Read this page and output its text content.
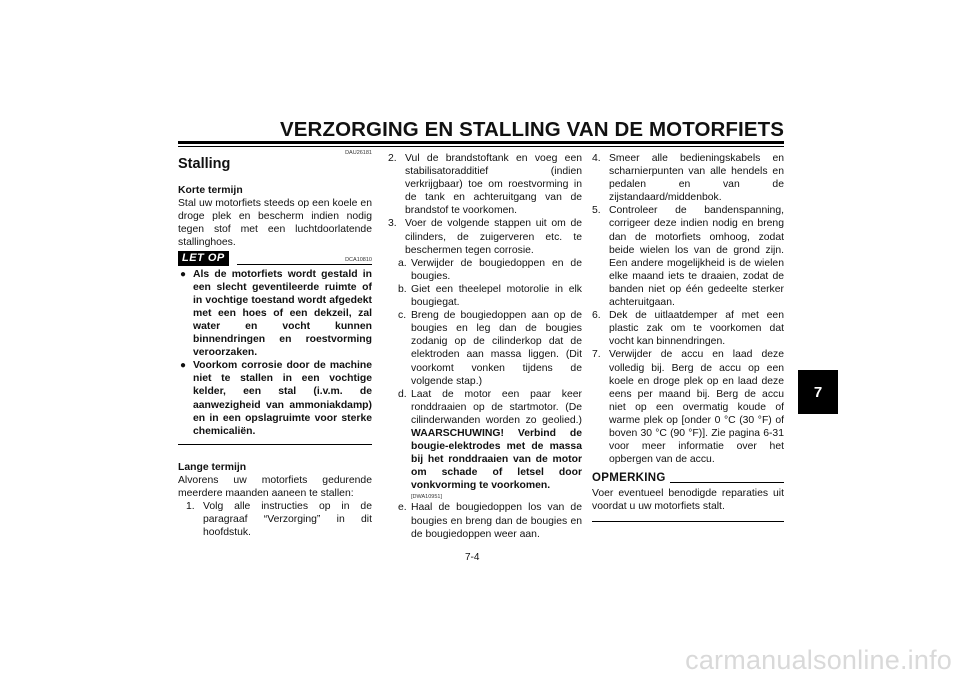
VERZORGING EN STALLING VAN DE MOTORFIETS
7
DAU26181
Stalling
Korte termijn
Stal uw motorfiets steeds op een koele en droge plek en bescherm indien nodig tegen stof met een luchtdoorlatende stallinghoes.
LET OP	DCA10810
● Als de motorfiets wordt gestald in een slecht geventileerde ruimte of in vochtige toestand wordt afgedekt met een hoes of een dekzeil, zal water en vocht kunnen binnendringen en roestvorming veroorzaken.
● Voorkom corrosie door de machine niet te stallen in een vochtige kelder, een stal (i.v.m. de aanwezigheid van ammoniakdamp) en in een opslagruimte voor sterke chemicaliën.
Lange termijn
Alvorens uw motorfiets gedurende meerdere maanden aaneen te stallen:
1. Volg alle instructies op in de paragraaf “Verzorging” in dit hoofdstuk.
2. Vul de brandstoftank en voeg een stabilisatoradditief (indien verkrijgbaar) toe om roestvorming in de tank en achteruitgang van de brandstof te voorkomen.
3. Voer de volgende stappen uit om de cilinders, de zuigerveren etc. te beschermen tegen corrosie.
a. Verwijder de bougiedoppen en de bougies.
b. Giet een theelepel motorolie in elk bougiegat.
c. Breng de bougiedoppen aan op de bougies en leg dan de bougies zodanig op de cilinderkop dat de elektroden aan massa liggen. (Dit voorkomt vonken tijdens de volgende stap.)
d. Laat de motor een paar keer ronddraaien op de startmotor. (De cilinderwanden worden zo geolied.) WAARSCHUWING! Verbind de bougie-elektrodes met de massa bij het ronddraaien van de motor om schade of letsel door vonkvorming te voorkomen.
[DWA10951]
e. Haal de bougiedoppen los van de bougies en breng dan de bougies en de bougiedoppen weer aan.
4. Smeer alle bedieningskabels en scharnierpunten van alle hendels en pedalen en van de zijstandaard/middenbok.
5. Controleer de bandenspanning, corrigeer deze indien nodig en breng dan de motorfiets omhoog, zodat beide wielen los van de grond zijn. Een andere mogelijkheid is de wielen elke maand iets te draaien, zodat de banden niet op één gedeelte sterker achteruitgaan.
6. Dek de uitlaatdemper af met een plastic zak om te voorkomen dat vocht kan binnendringen.
7. Verwijder de accu en laad deze volledig bij. Berg de accu op een koele en droge plek op en laad deze eens per maand bij. Berg de accu niet op een overmatig koude of warme plek op [onder 0 °C (30 °F) of boven 30 °C (90 °F)]. Zie pagina 6-31 voor meer informatie over het opbergen van de accu.
OPMERKING
Voer eventueel benodigde reparaties uit voordat u uw motorfiets stalt.
7-4
carmanualsonline.info
